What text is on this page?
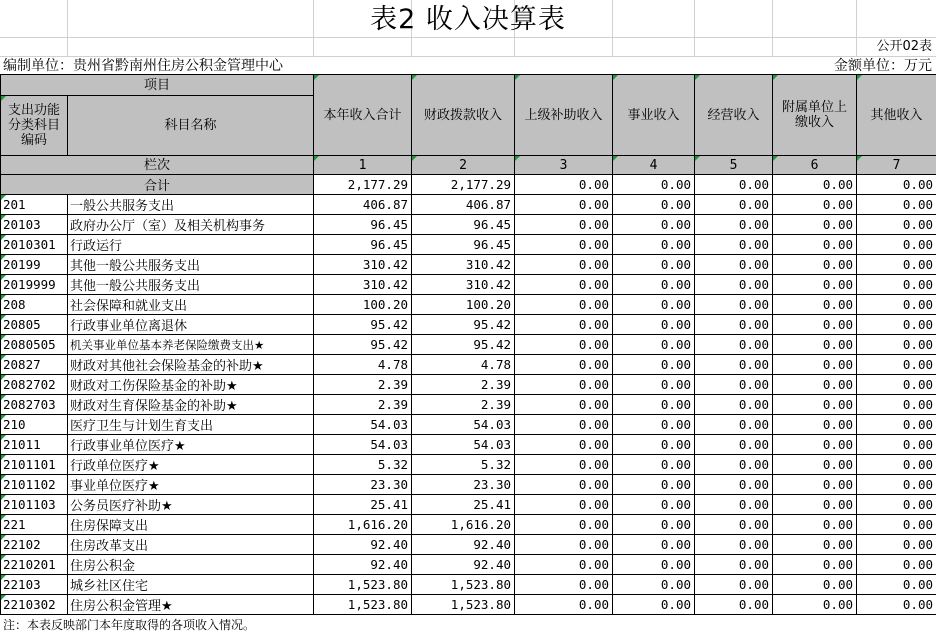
表2 收入决算表
公开02表
编制单位：贵州省黔南州住房公积金管理中心	金额单位：万元
项目		本年收入合计	财政拨款收入	上级补助收入	事业收入	经营收入	附属单位上缴收入	其他收入
支出功能分类科目编码	科目名称							
栏次		1	2	3	4	5	6	7
合计		2,177.29	2,177.29	0.00	0.00	0.00	0.00	0.00
201	一般公共服务支出	406.87	406.87	0.00	0.00	0.00	0.00	0.00
20103	政府办公厅（室）及相关机构事务	96.45	96.45	0.00	0.00	0.00	0.00	0.00
2010301	行政运行	96.45	96.45	0.00	0.00	0.00	0.00	0.00
20199	其他一般公共服务支出	310.42	310.42	0.00	0.00	0.00	0.00	0.00
2019999	其他一般公共服务支出	310.42	310.42	0.00	0.00	0.00	0.00	0.00
208	社会保障和就业支出	100.20	100.20	0.00	0.00	0.00	0.00	0.00
20805	行政事业单位离退休	95.42	95.42	0.00	0.00	0.00	0.00	0.00
2080505	机关事业单位基本养老保险缴费支出★	95.42	95.42	0.00	0.00	0.00	0.00	0.00
20827	财政对其他社会保险基金的补助★	4.78	4.78	0.00	0.00	0.00	0.00	0.00
2082702	财政对工伤保险基金的补助★	2.39	2.39	0.00	0.00	0.00	0.00	0.00
2082703	财政对生育保险基金的补助★	2.39	2.39	0.00	0.00	0.00	0.00	0.00
210	医疗卫生与计划生育支出	54.03	54.03	0.00	0.00	0.00	0.00	0.00
21011	行政事业单位医疗★	54.03	54.03	0.00	0.00	0.00	0.00	0.00
2101101	行政单位医疗★	5.32	5.32	0.00	0.00	0.00	0.00	0.00
2101102	事业单位医疗★	23.30	23.30	0.00	0.00	0.00	0.00	0.00
2101103	公务员医疗补助★	25.41	25.41	0.00	0.00	0.00	0.00	0.00
221	住房保障支出	1,616.20	1,616.20	0.00	0.00	0.00	0.00	0.00
22102	住房改革支出	92.40	92.40	0.00	0.00	0.00	0.00	0.00
2210201	住房公积金	92.40	92.40	0.00	0.00	0.00	0.00	0.00
22103	城乡社区住宅	1,523.80	1,523.80	0.00	0.00	0.00	0.00	0.00
2210302	住房公积金管理★	1,523.80	1,523.80	0.00	0.00	0.00	0.00	0.00
注：本表反映部门本年度取得的各项收入情况。
